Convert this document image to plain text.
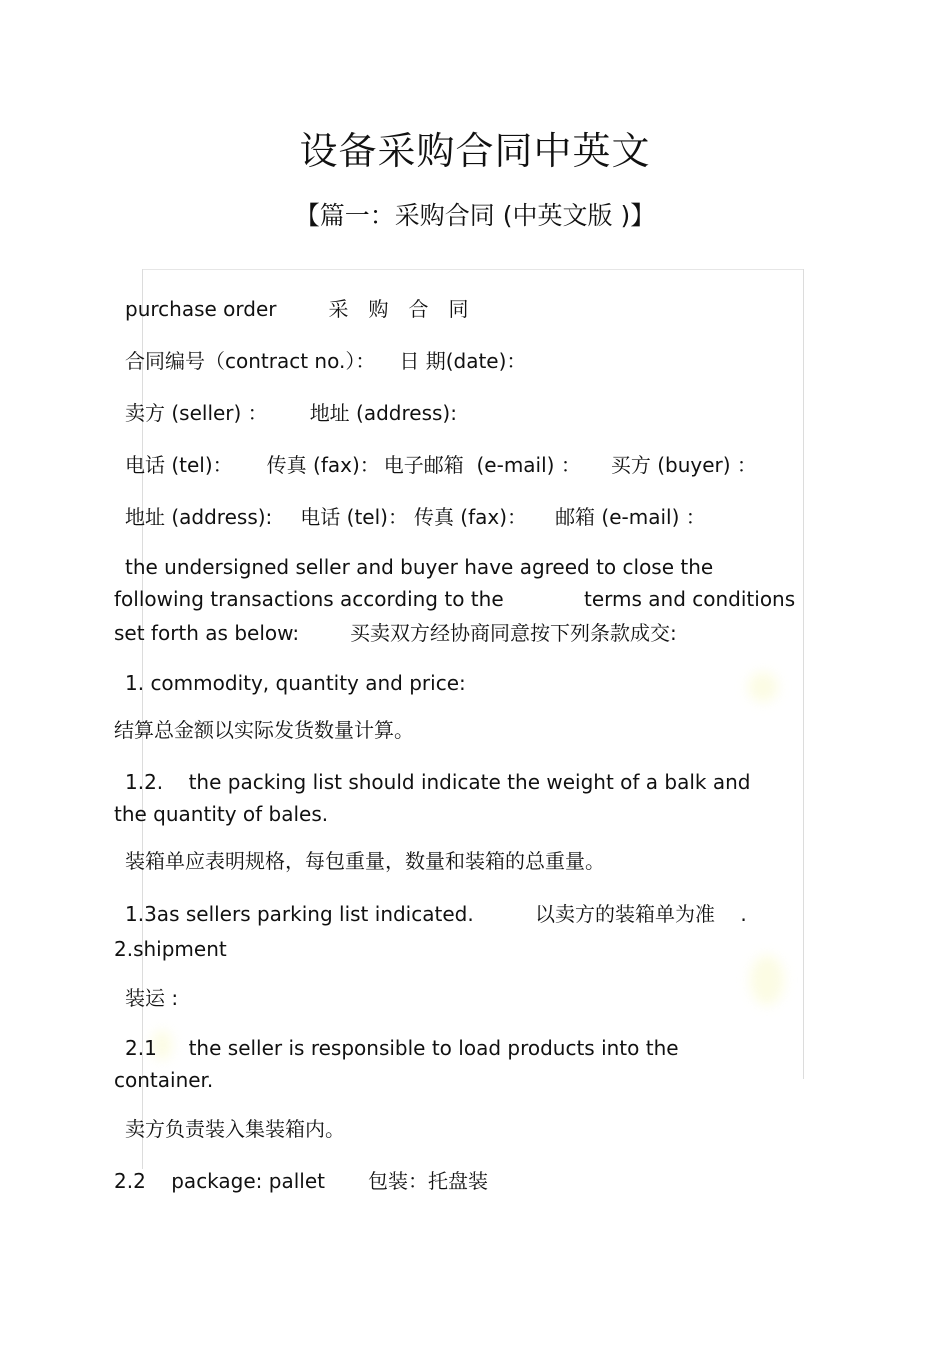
设备采购合同中英文
【篇一：采购合同 (中英文版 )】
purchase order	采　购　合　同
合同编号（contract no.）： 日 期(date)：
卖方 (seller) ： 地址 (address):
电话 (tel)： 传真 (fax)： 电子邮箱  (e-mail) ： 买方 (buyer) ：
地址 (address): 电话 (tel)： 传真 (fax)： 邮箱 (e-mail) ：
the undersigned seller and buyer have agreed to close the
following transactions according to the	terms and conditions
set forth as below:	买卖双方经协商同意按下列条款成交:
1. commodity, quantity and price:
结算总金额以实际发货数量计算。
1.2.    the packing list should indicate the weight of a balk and
the quantity of bales.
装箱单应表明规格，每包重量，数量和装箱的总重量。
1.3as sellers parking list indicated.	以卖方的装箱单为准    .
2.shipment
装运 :
2.1     the seller is responsible to load products into the
container.
卖方负责装入集装箱内。
2.2    package: pallet 包装：托盘装
